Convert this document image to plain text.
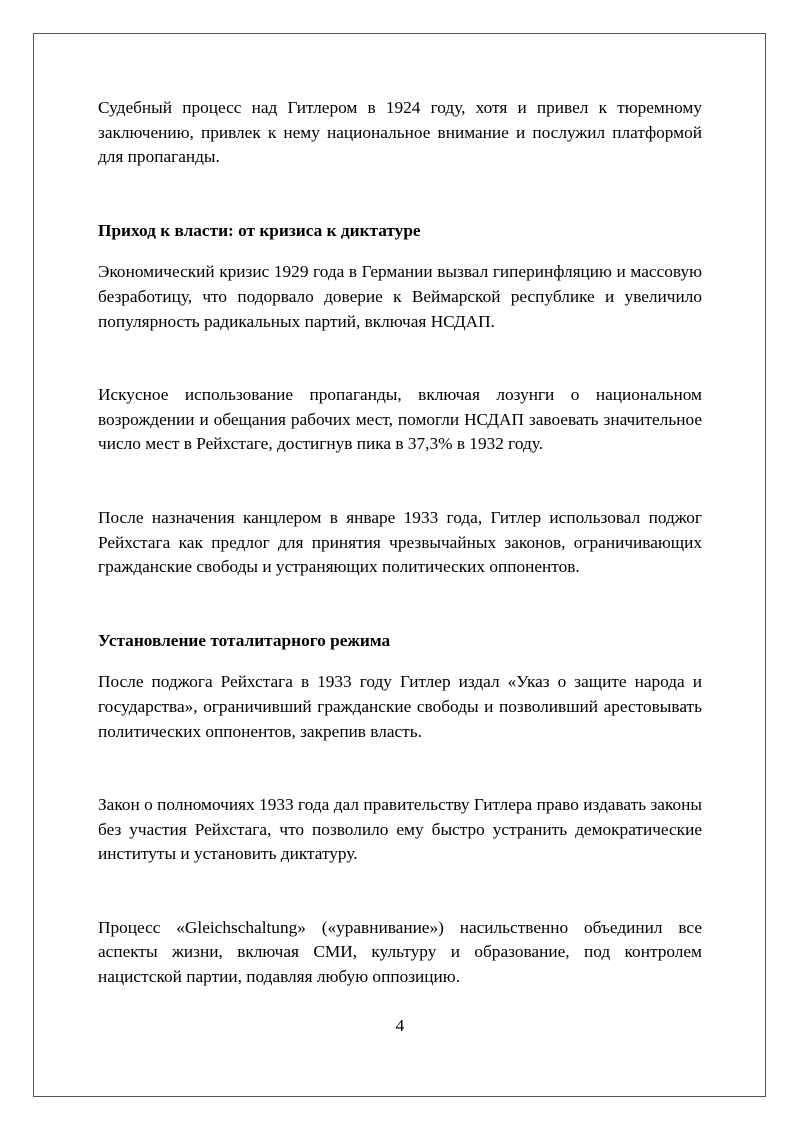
Судебный процесс над Гитлером в 1924 году, хотя и привел к тюремному заключению, привлек к нему национальное внимание и послужил платформой для пропаганды.

Приход к власти: от кризиса к диктатуре

Экономический кризис 1929 года в Германии вызвал гиперинфляцию и массовую безработицу, что подорвало доверие к Веймарской республике и увеличило популярность радикальных партий, включая НСДАП.

Искусное использование пропаганды, включая лозунги о национальном возрождении и обещания рабочих мест, помогли НСДАП завоевать значительное число мест в Рейхстаге, достигнув пика в 37,3% в 1932 году.

После назначения канцлером в январе 1933 года, Гитлер использовал поджог Рейхстага как предлог для принятия чрезвычайных законов, ограничивающих гражданские свободы и устраняющих политических оппонентов.

Установление тоталитарного режима

После поджога Рейхстага в 1933 году Гитлер издал «Указ о защите народа и государства», ограничивший гражданские свободы и позволивший арестовывать политических оппонентов, закрепив власть.

Закон о полномочиях 1933 года дал правительству Гитлера право издавать законы без участия Рейхстага, что позволило ему быстро устранить демократические институты и установить диктатуру.

Процесс «Gleichschaltung» («уравнивание») насильственно объединил все аспекты жизни, включая СМИ, культуру и образование, под контролем нацистской партии, подавляя любую оппозицию.

4
